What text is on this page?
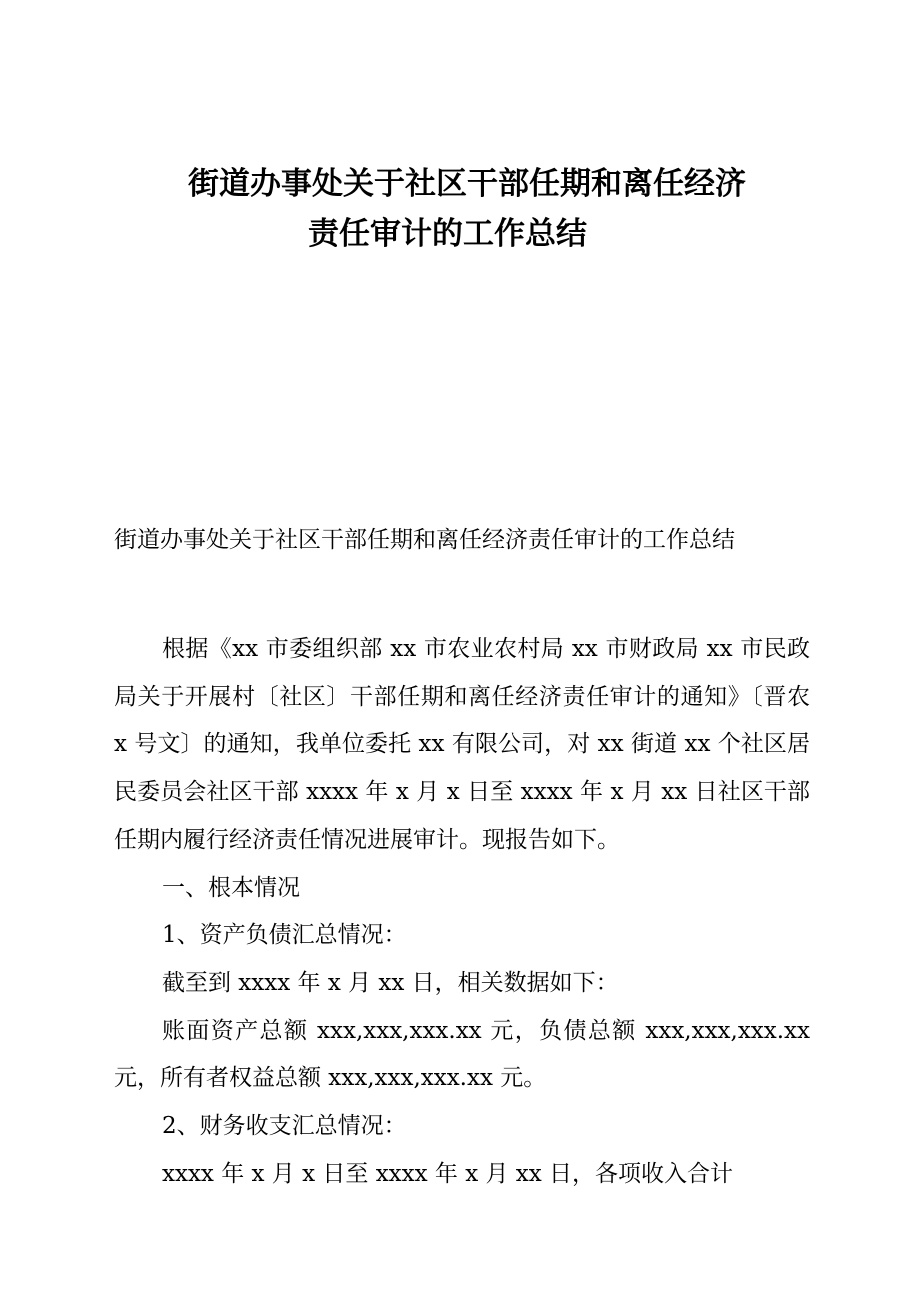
街道办事处关于社区干部任期和离任经济
责任审计的工作总结

街道办事处关于社区干部任期和离任经济责任审计的工作总结

根据《xx 市委组织部 xx 市农业农村局 xx 市财政局 xx 市民政局关于开展村〔社区〕干部任期和离任经济责任审计的通知》〔晋农 x 号文〕的通知，我单位委托 xx 有限公司，对 xx 街道 xx 个社区居民委员会社区干部 xxxx 年 x 月 x 日至 xxxx 年 x 月 xx 日社区干部任期内履行经济责任情况进展审计。现报告如下。

一、根本情况

1、资产负债汇总情况：

截至到 xxxx 年 x 月 xx 日，相关数据如下：

账面资产总额 xxx,xxx,xxx.xx 元，负债总额 xxx,xxx,xxx.xx 元，所有者权益总额 xxx,xxx,xxx.xx 元。

2、财务收支汇总情况：

xxxx 年 x 月 x 日至 xxxx 年 x 月 xx 日，各项收入合计
